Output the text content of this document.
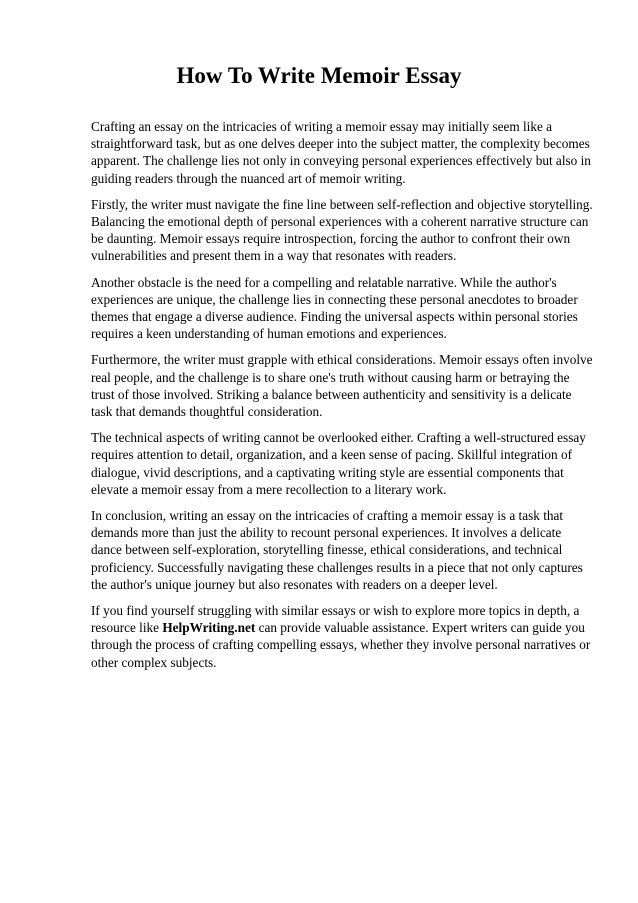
How To Write Memoir Essay

Crafting an essay on the intricacies of writing a memoir essay may initially seem like a straightforward task, but as one delves deeper into the subject matter, the complexity becomes apparent. The challenge lies not only in conveying personal experiences effectively but also in guiding readers through the nuanced art of memoir writing.

Firstly, the writer must navigate the fine line between self-reflection and objective storytelling. Balancing the emotional depth of personal experiences with a coherent narrative structure can be daunting. Memoir essays require introspection, forcing the author to confront their own vulnerabilities and present them in a way that resonates with readers.

Another obstacle is the need for a compelling and relatable narrative. While the author's experiences are unique, the challenge lies in connecting these personal anecdotes to broader themes that engage a diverse audience. Finding the universal aspects within personal stories requires a keen understanding of human emotions and experiences.

Furthermore, the writer must grapple with ethical considerations. Memoir essays often involve real people, and the challenge is to share one's truth without causing harm or betraying the trust of those involved. Striking a balance between authenticity and sensitivity is a delicate task that demands thoughtful consideration.

The technical aspects of writing cannot be overlooked either. Crafting a well-structured essay requires attention to detail, organization, and a keen sense of pacing. Skillful integration of dialogue, vivid descriptions, and a captivating writing style are essential components that elevate a memoir essay from a mere recollection to a literary work.

In conclusion, writing an essay on the intricacies of crafting a memoir essay is a task that demands more than just the ability to recount personal experiences. It involves a delicate dance between self-exploration, storytelling finesse, ethical considerations, and technical proficiency. Successfully navigating these challenges results in a piece that not only captures the author's unique journey but also resonates with readers on a deeper level.

If you find yourself struggling with similar essays or wish to explore more topics in depth, a resource like HelpWriting.net can provide valuable assistance. Expert writers can guide you through the process of crafting compelling essays, whether they involve personal narratives or other complex subjects.
